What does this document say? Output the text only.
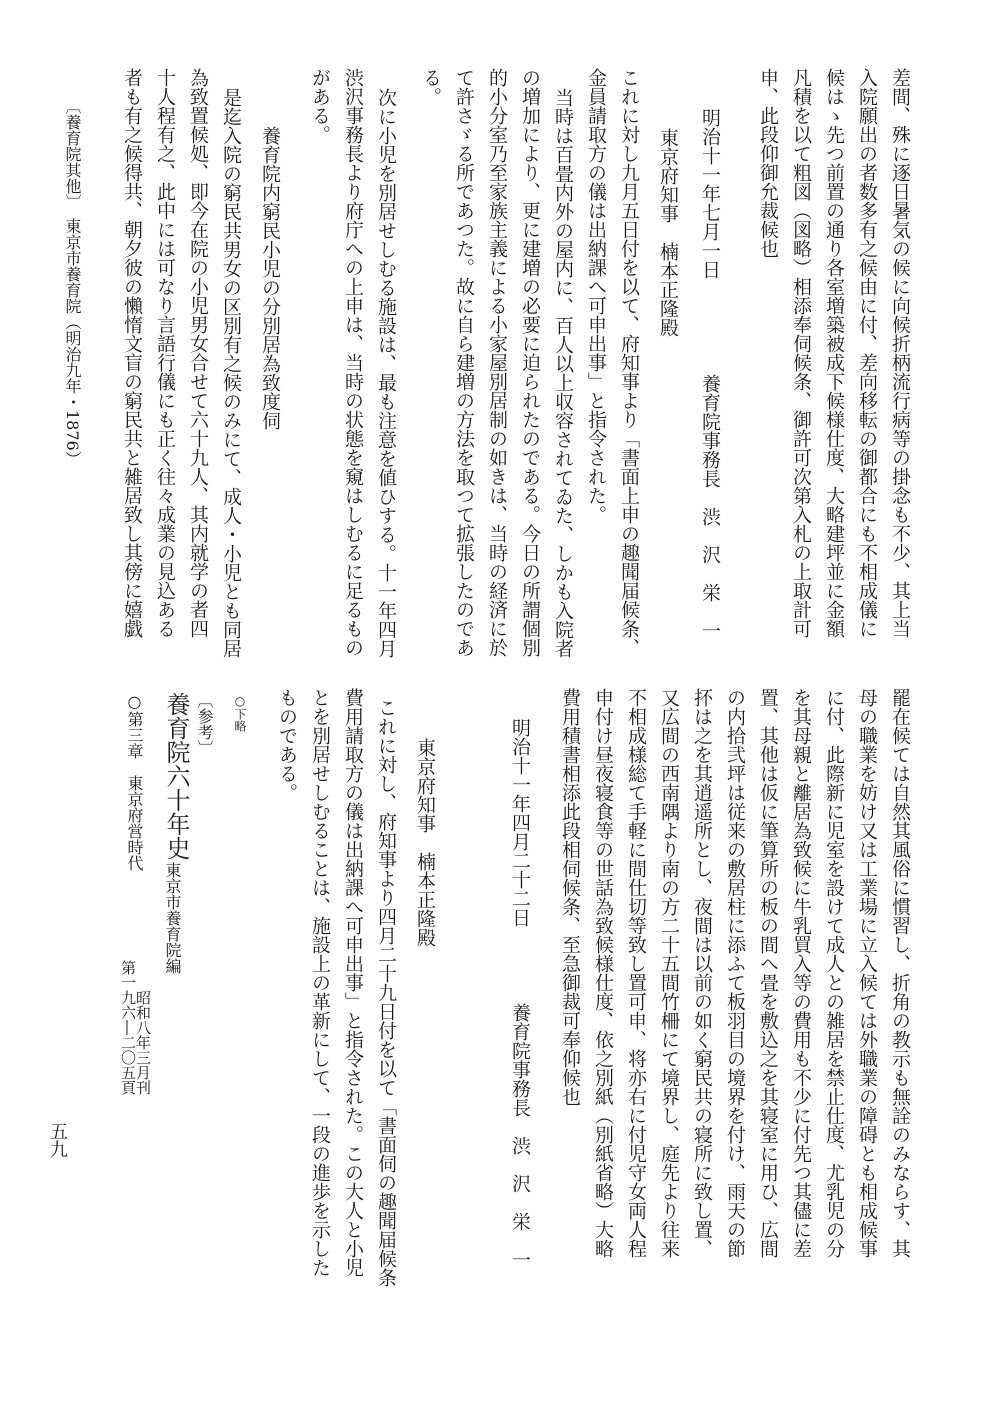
五九
差間、殊に逐日暑気の候に向候折柄流行病等の掛念も不少、其上当
入院願出の者数多有之候由に付、差向移転の御都合にも不相成儀に
候はゝ先つ前置の通り各室増築被成下候様仕度、大略建坪並に金額
凡積を以て粗図（図略）相添奉伺候条、御許可次第入札の上取計可
申、此段仰御允裁候也
明治十一年七月一日　　　　　養育院事務長　渋　沢　栄　一
東京府知事　楠本正隆殿
これに対し九月五日付を以て、府知事より「書面上申の趣聞届候条、
金員請取方の儀は出納課へ可申出事」と指令された。
当時は百畳内外の屋内に、百人以上収容されてゐた、しかも入院者
の増加により、更に建増の必要に迫られたのである。今日の所謂個別
的小分室乃至家族主義による小家屋別居制の如きは、当時の経済に於
て許さゞる所であつた。故に自ら建増の方法を取つて拡張したのであ
る。
次に小児を別居せしむる施設は、最も注意を値ひする。十一年四月
渋沢事務長より府庁への上申は、当時の状態を窺はしむるに足るもの
がある。
養育院内窮民小児の分別居為致度伺
是迄入院の窮民共男女の区別有之候のみにて、成人・小児とも同居
為致置候処、即今在院の小児男女合せて六十九人、其内就学の者四
十人程有之、此中には可なり言語行儀にも正く往々成業の見込ある
者も有之候得共、朝夕彼の懶惰文盲の窮民共と雑居致し其傍に嬉戯
〔養育院其他〕　東京市養育院（明治九年・1876）
罷在候ては自然其風俗に慣習し、折角の教示も無詮のみならす、其
母の職業を妨け又は工業場に立入候ては外職業の障碍とも相成候事
に付、此際新に児室を設けて成人との雑居を禁止仕度、尤乳児の分
を其母親と離居為致候に牛乳買入等の費用も不少に付先つ其儘に差
置、其他は仮に筆算所の板の間へ畳を敷込之を其寝室に用ひ、広間
の内拾弐坪は従来の敷居柱に添ふて板羽目の境界を付け、雨天の節
抔は之を其逍遥所とし、夜間は以前の如く窮民共の寝所に致し置、
又広間の西南隅より南の方二十五間竹柵にて境界し、庭先より往来
不相成様総て手軽に間仕切等致し置可申、将亦右に付児守女両人程
申付け昼夜寝食等の世話為致候様仕度、依之別紙（別紙省略）大略
費用積書相添此段相伺候条、至急御裁可奉仰候也
明治十一年四月二十二日　　　　養育院事務長　渋　沢　栄　一
東京府知事　楠本正隆殿
これに対し、府知事より四月二十九日付を以て「書面伺の趣聞届候条
費用請取方の儀は出納課へ可申出事」と指令された。この大人と小児
とを別居せしむることは、施設上の革新にして、一段の進歩を示した
ものである。
○下略
〔参考〕
養育院六十年史
東京市養育院編
第一九六―二〇五頁昭和八年三月刊
○第三章　東京府営時代
